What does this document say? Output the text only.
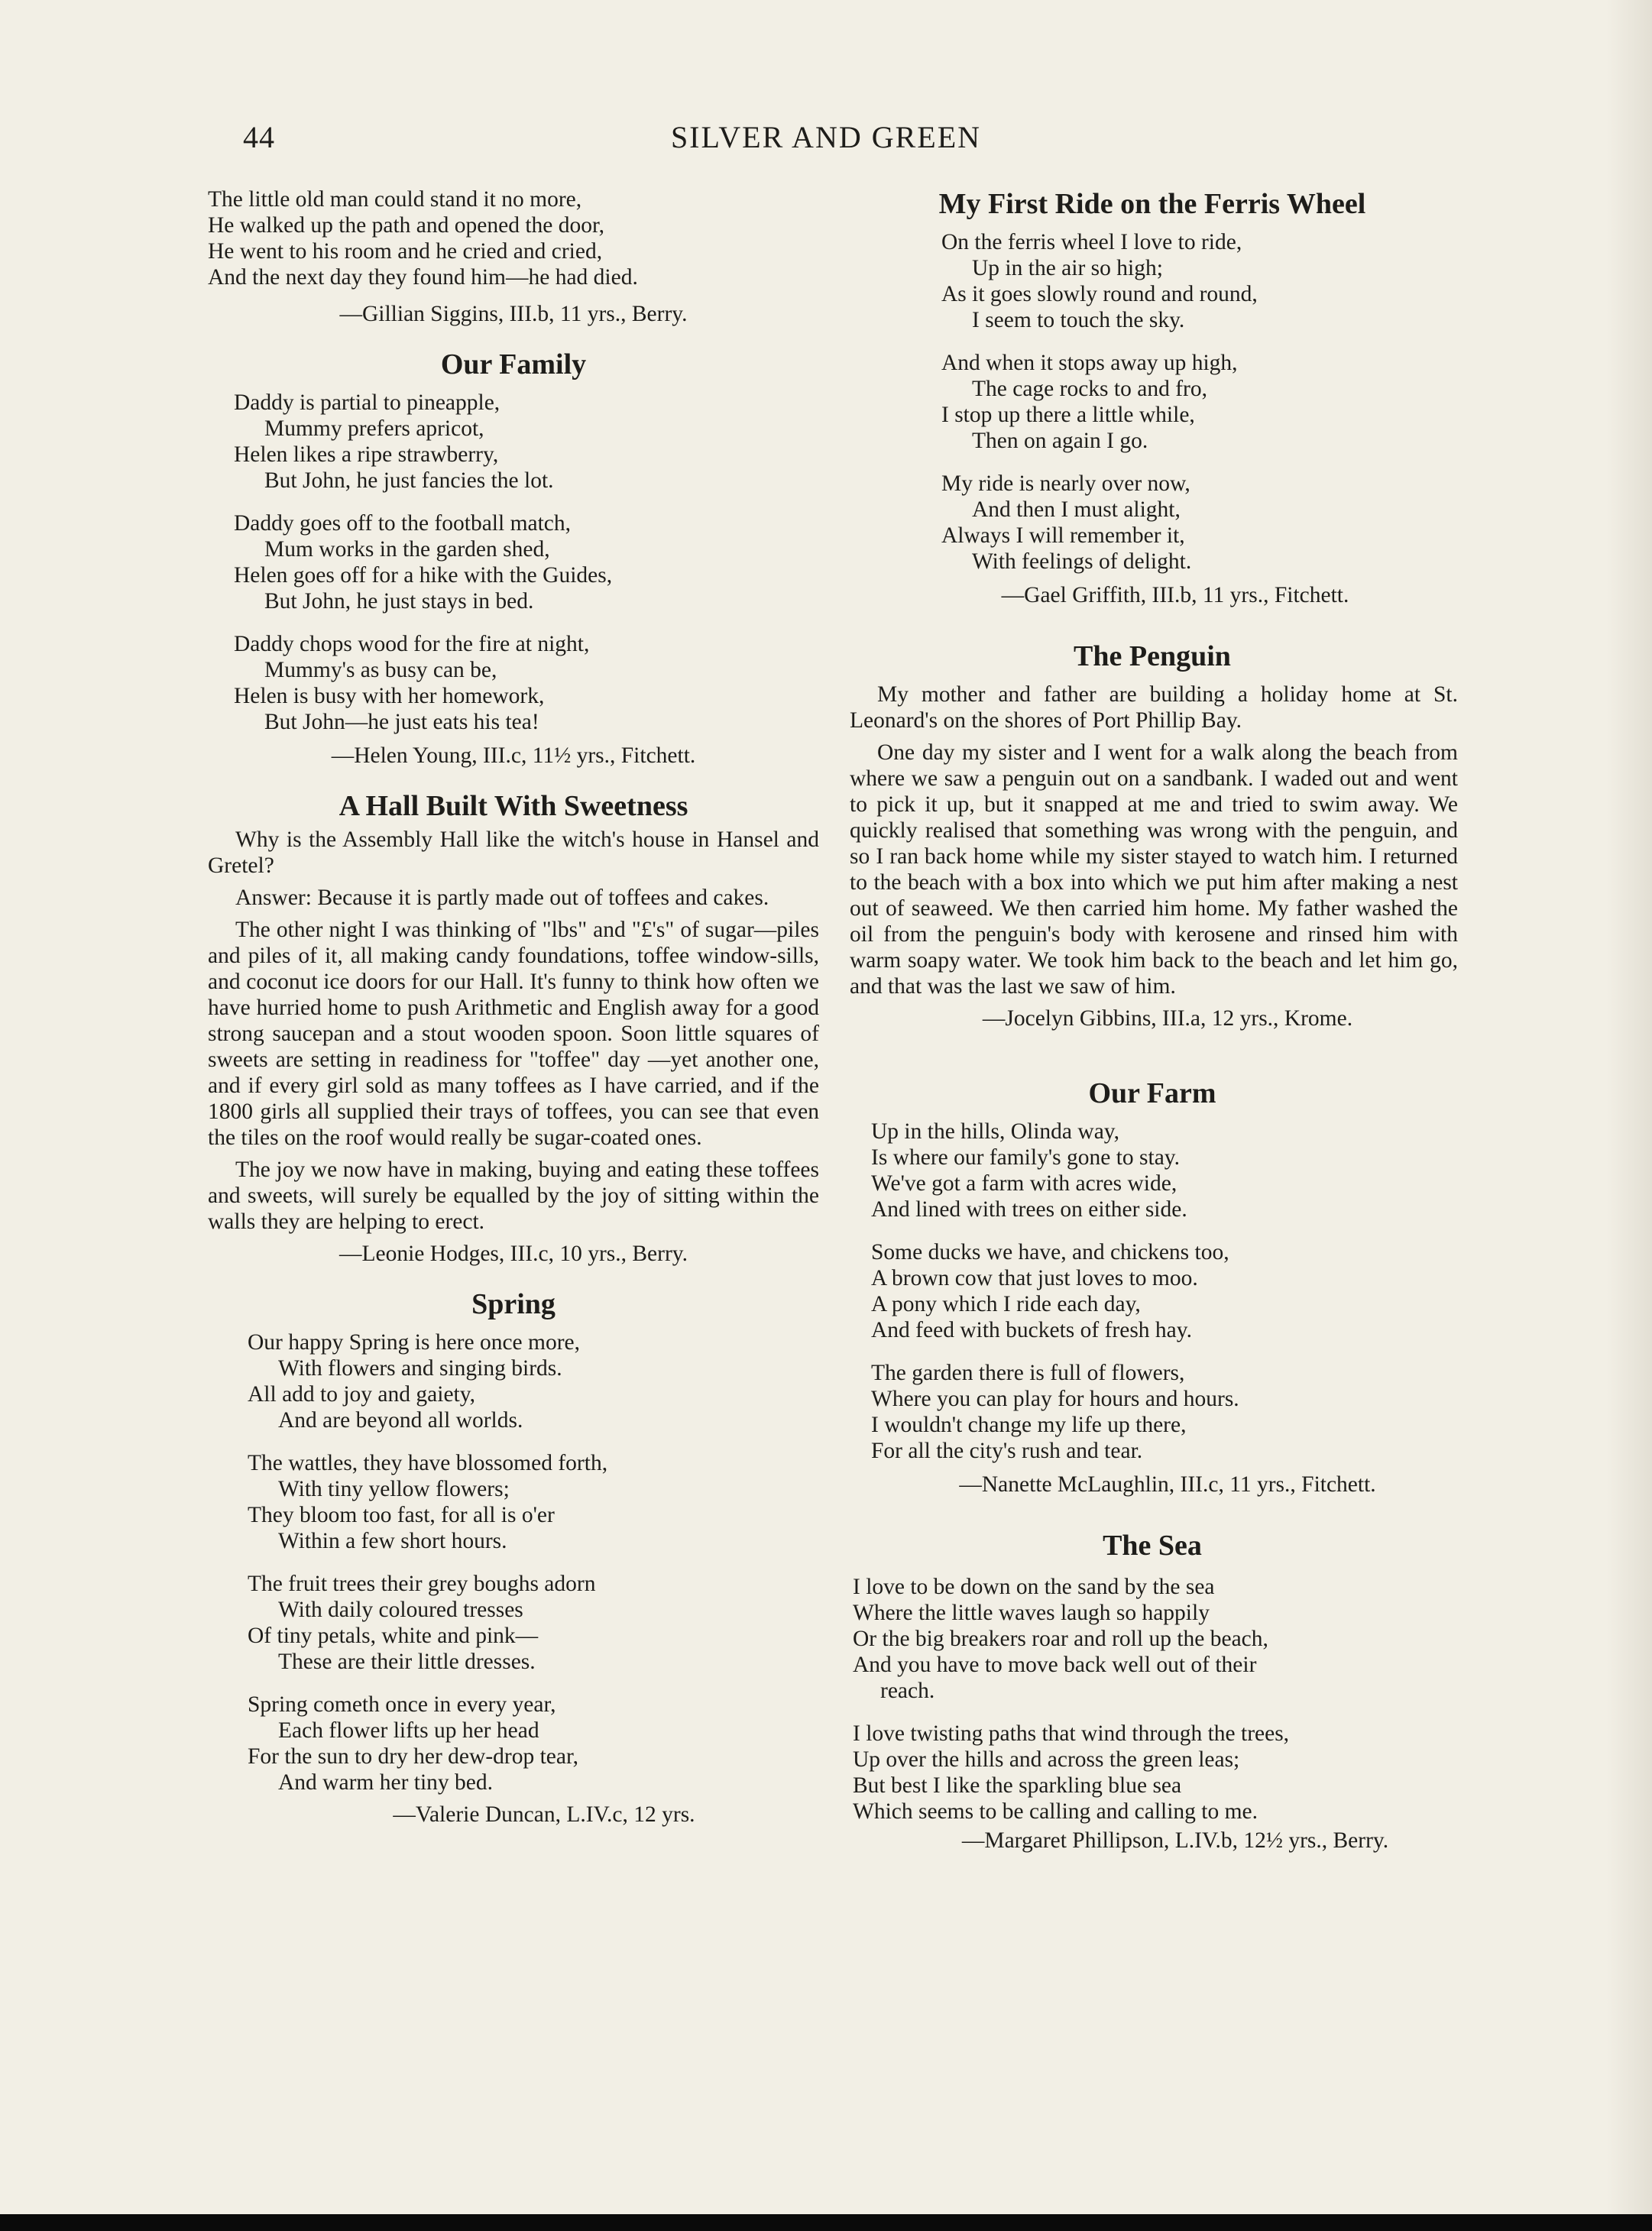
44	SILVER AND GREEN
The little old man could stand it no more,
He walked up the path and opened the door,
He went to his room and he cried and cried,
And the next day they found him—he had died.
—Gillian Siggins, III.b, 11 yrs., Berry.
Our Family
Daddy is partial to pineapple,
Mummy prefers apricot,
Helen likes a ripe strawberry,
But John, he just fancies the lot.
Daddy goes off to the football match,
Mum works in the garden shed,
Helen goes off for a hike with the Guides,
But John, he just stays in bed.
Daddy chops wood for the fire at night,
Mummy's as busy can be,
Helen is busy with her homework,
But John—he just eats his tea!
—Helen Young, III.c, 11½ yrs., Fitchett.
A Hall Built With Sweetness
Why is the Assembly Hall like the witch's house in Hansel and Gretel?
Answer: Because it is partly made out of toffees and cakes.
The other night I was thinking of "lbs" and "£'s" of sugar—piles and piles of it, all making candy foundations, toffee window-sills, and coconut ice doors for our Hall. It's funny to think how often we have hurried home to push Arithmetic and English away for a good strong saucepan and a stout wooden spoon. Soon little squares of sweets are setting in readiness for "toffee" day —yet another one, and if every girl sold as many toffees as I have carried, and if the 1800 girls all supplied their trays of toffees, you can see that even the tiles on the roof would really be sugar-coated ones.
The joy we now have in making, buying and eating these toffees and sweets, will surely be equalled by the joy of sitting within the walls they are helping to erect.
—Leonie Hodges, III.c, 10 yrs., Berry.
Spring
Our happy Spring is here once more,
With flowers and singing birds.
All add to joy and gaiety,
And are beyond all worlds.
The wattles, they have blossomed forth,
With tiny yellow flowers;
They bloom too fast, for all is o'er
Within a few short hours.
The fruit trees their grey boughs adorn
With daily coloured tresses
Of tiny petals, white and pink—
These are their little dresses.
Spring cometh once in every year,
Each flower lifts up her head
For the sun to dry her dew-drop tear,
And warm her tiny bed.
—Valerie Duncan, L.IV.c, 12 yrs.
My First Ride on the Ferris Wheel
On the ferris wheel I love to ride,
Up in the air so high;
As it goes slowly round and round,
I seem to touch the sky.
And when it stops away up high,
The cage rocks to and fro,
I stop up there a little while,
Then on again I go.
My ride is nearly over now,
And then I must alight,
Always I will remember it,
With feelings of delight.
—Gael Griffith, III.b, 11 yrs., Fitchett.
The Penguin
My mother and father are building a holiday home at St. Leonard's on the shores of Port Phillip Bay.
One day my sister and I went for a walk along the beach from where we saw a penguin out on a sandbank. I waded out and went to pick it up, but it snapped at me and tried to swim away. We quickly realised that something was wrong with the penguin, and so I ran back home while my sister stayed to watch him. I returned to the beach with a box into which we put him after making a nest out of seaweed. We then carried him home. My father washed the oil from the penguin's body with kerosene and rinsed him with warm soapy water. We took him back to the beach and let him go, and that was the last we saw of him.
—Jocelyn Gibbins, III.a, 12 yrs., Krome.
Our Farm
Up in the hills, Olinda way,
Is where our family's gone to stay.
We've got a farm with acres wide,
And lined with trees on either side.
Some ducks we have, and chickens too,
A brown cow that just loves to moo.
A pony which I ride each day,
And feed with buckets of fresh hay.
The garden there is full of flowers,
Where you can play for hours and hours.
I wouldn't change my life up there,
For all the city's rush and tear.
—Nanette McLaughlin, III.c, 11 yrs., Fitchett.
The Sea
I love to be down on the sand by the sea
Where the little waves laugh so happily
Or the big breakers roar and roll up the beach,
And you have to move back well out of their
reach.
I love twisting paths that wind through the trees,
Up over the hills and across the green leas;
But best I like the sparkling blue sea
Which seems to be calling and calling to me.
—Margaret Phillipson, L.IV.b, 12½ yrs., Berry.
